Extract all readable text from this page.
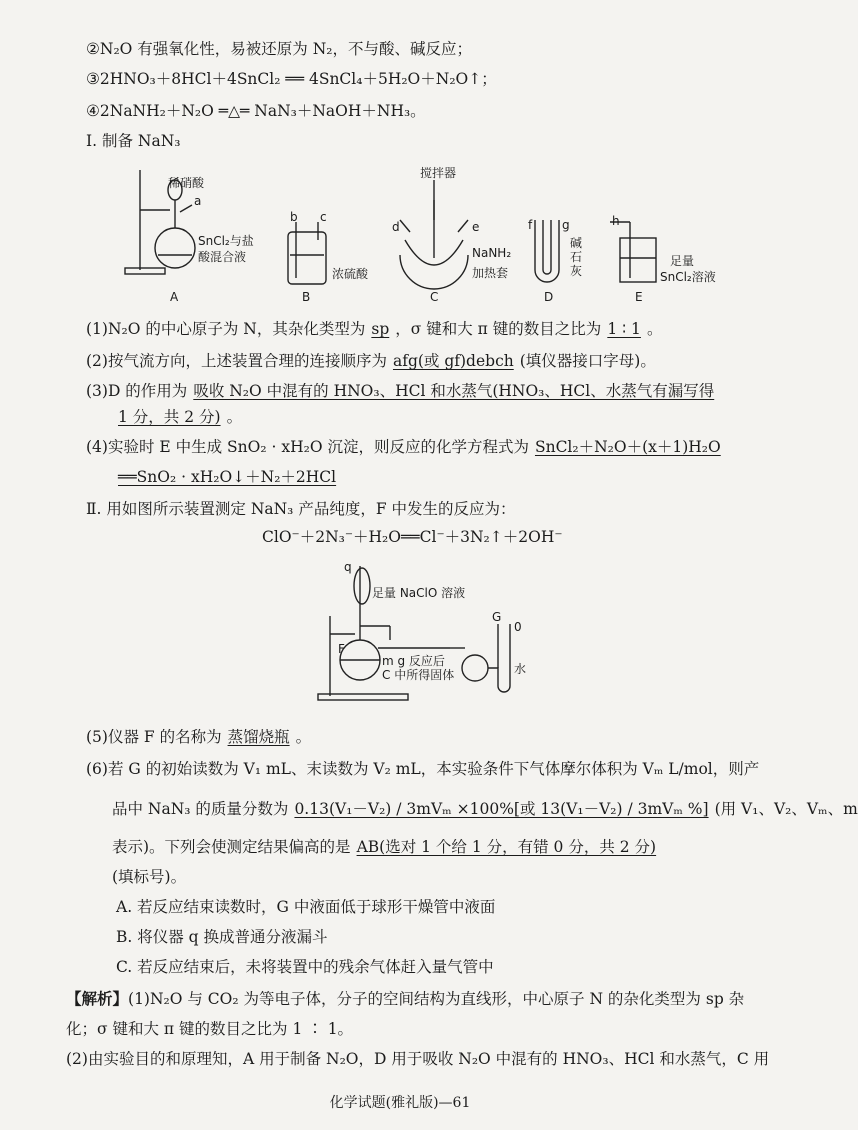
②N₂O 有强氧化性，易被还原为 N₂，不与酸、碱反应；
③2HNO₃＋8HCl＋4SnCl₂ ══ 4SnCl₄＋5H₂O＋N₂O↑；
④2NaNH₂＋N₂O ═△═ NaN₃＋NaOH＋NH₃。
Ⅰ. 制备 NaN₃
稀硝酸
a
SnCl₂与盐
酸混合液
A
b c
浓硫酸
B
搅拌器
d	e
NaNH₂
加热套
C
f g
碱
石
灰
D
h
足量
SnCl₂溶液
E
(1)N₂O 的中心原子为 N，其杂化类型为 sp ，σ 键和大 π 键的数目之比为 1 ∶ 1 。
(2)按气流方向，上述装置合理的连接顺序为 afg(或 gf)debch (填仪器接口字母)。
(3)D 的作用为 吸收 N₂O 中混有的 HNO₃、HCl 和水蒸气(HNO₃、HCl、水蒸气有漏写得
1 分，共 2 分) 。
(4)实验时 E 中生成 SnO₂ · xH₂O 沉淀，则反应的化学方程式为 SnCl₂＋N₂O＋(x＋1)H₂O
══SnO₂ · xH₂O↓＋N₂＋2HCl
Ⅱ. 用如图所示装置测定 NaN₃ 产品纯度，F 中发生的反应为：
ClO⁻＋2N₃⁻＋H₂O══Cl⁻＋3N₂↑＋2OH⁻
q
足量 NaClO 溶液
F
m g 反应后
C 中所得固体
G
0
水
(5)仪器 F 的名称为 蒸馏烧瓶 。
(6)若 G 的初始读数为 V₁ mL、末读数为 V₂ mL，本实验条件下气体摩尔体积为 Vₘ L/mol，则产
品中 NaN₃ 的质量分数为 0.13(V₁－V₂) / 3mVₘ ×100%[或 13(V₁－V₂) / 3mVₘ %] (用 V₁、V₂、Vₘ、m
表示)。下列会使测定结果偏高的是 AB(选对 1 个给 1 分，有错 0 分，共 2 分)
(填标号)。
A. 若反应结束读数时，G 中液面低于球形干燥管中液面
B. 将仪器 q 换成普通分液漏斗
C. 若反应结束后，未将装置中的残余气体赶入量气管中
【解析】(1)N₂O 与 CO₂ 为等电子体，分子的空间结构为直线形，中心原子 N 的杂化类型为 sp 杂
化；σ 键和大 π 键的数目之比为 1 ∶ 1。
(2)由实验目的和原理知，A 用于制备 N₂O，D 用于吸收 N₂O 中混有的 HNO₃、HCl 和水蒸气，C 用
化学试题(雅礼版)—61
